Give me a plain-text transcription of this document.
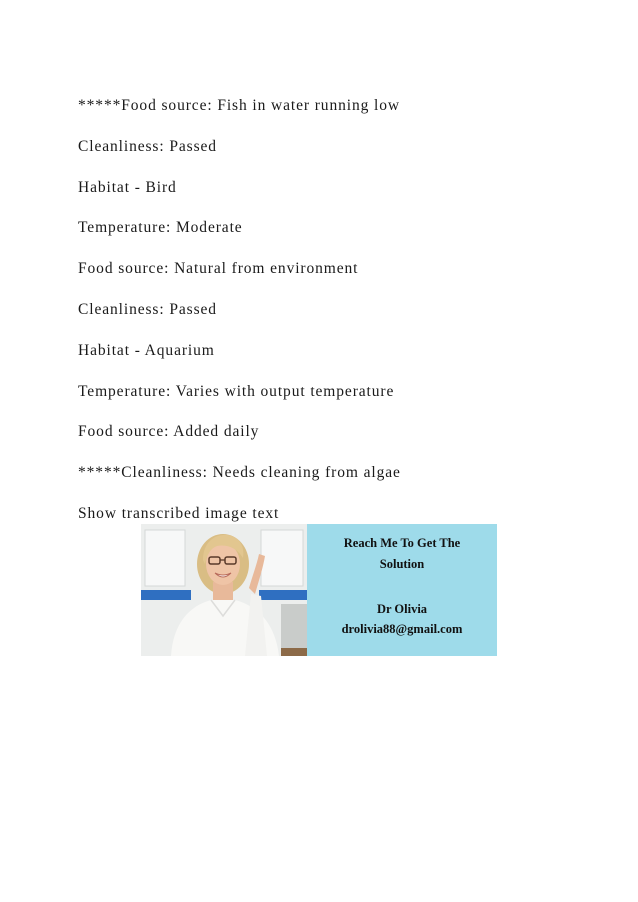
*****Food source: Fish in water running low
Cleanliness: Passed
Habitat - Bird
Temperature: Moderate
Food source: Natural from environment
Cleanliness: Passed
Habitat - Aquarium
Temperature: Varies with output temperature
Food source: Added daily
*****Cleanliness: Needs cleaning from algae
Show transcribed image text
Reach Me To Get The
Solution
Dr Olivia
drolivia88@gmail.com
